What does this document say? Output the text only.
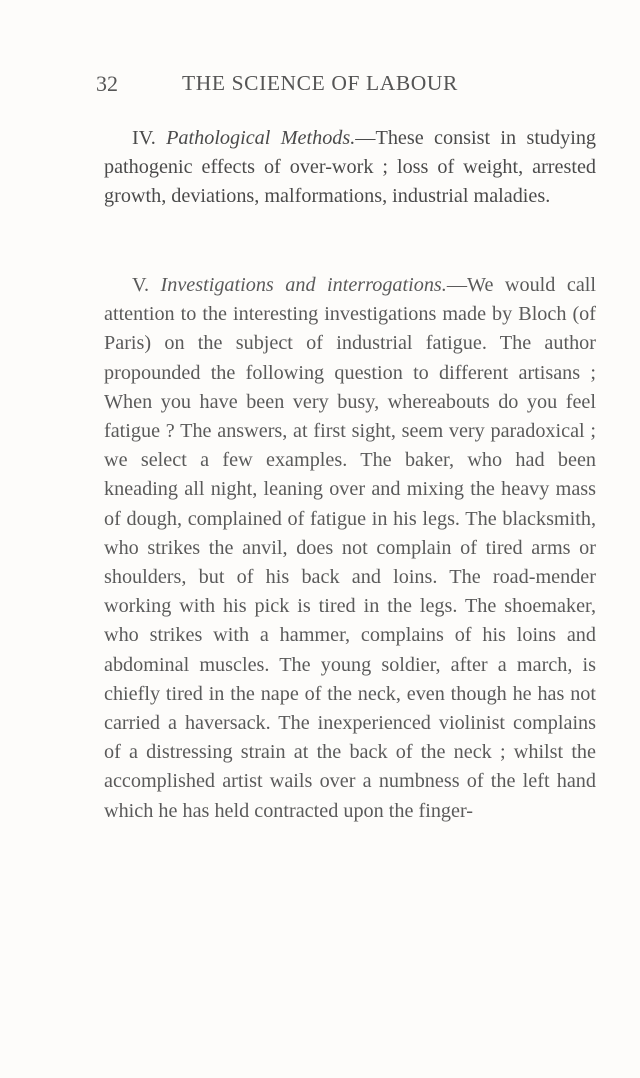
32	THE SCIENCE OF LABOUR

IV. Pathological Methods.—These consist in studying pathogenic effects of over-work ; loss of weight, arrested growth, deviations, malformations, industrial maladies.

V. Investigations and interrogations.—We would call attention to the interesting investigations made by Bloch (of Paris) on the subject of industrial fatigue. The author propounded the following question to different artisans ; When you have been very busy, whereabouts do you feel fatigue ? The answers, at first sight, seem very paradoxical ; we select a few examples. The baker, who had been kneading all night, leaning over and mixing the heavy mass of dough, complained of fatigue in his legs. The blacksmith, who strikes the anvil, does not complain of tired arms or shoulders, but of his back and loins. The road-mender working with his pick is tired in the legs. The shoemaker, who strikes with a hammer, complains of his loins and abdominal muscles. The young soldier, after a march, is chiefly tired in the nape of the neck, even though he has not carried a haversack. The inexperienced violinist complains of a distressing strain at the back of the neck ; whilst the accomplished artist wails over a numbness of the left hand which he has held contracted upon the finger-
